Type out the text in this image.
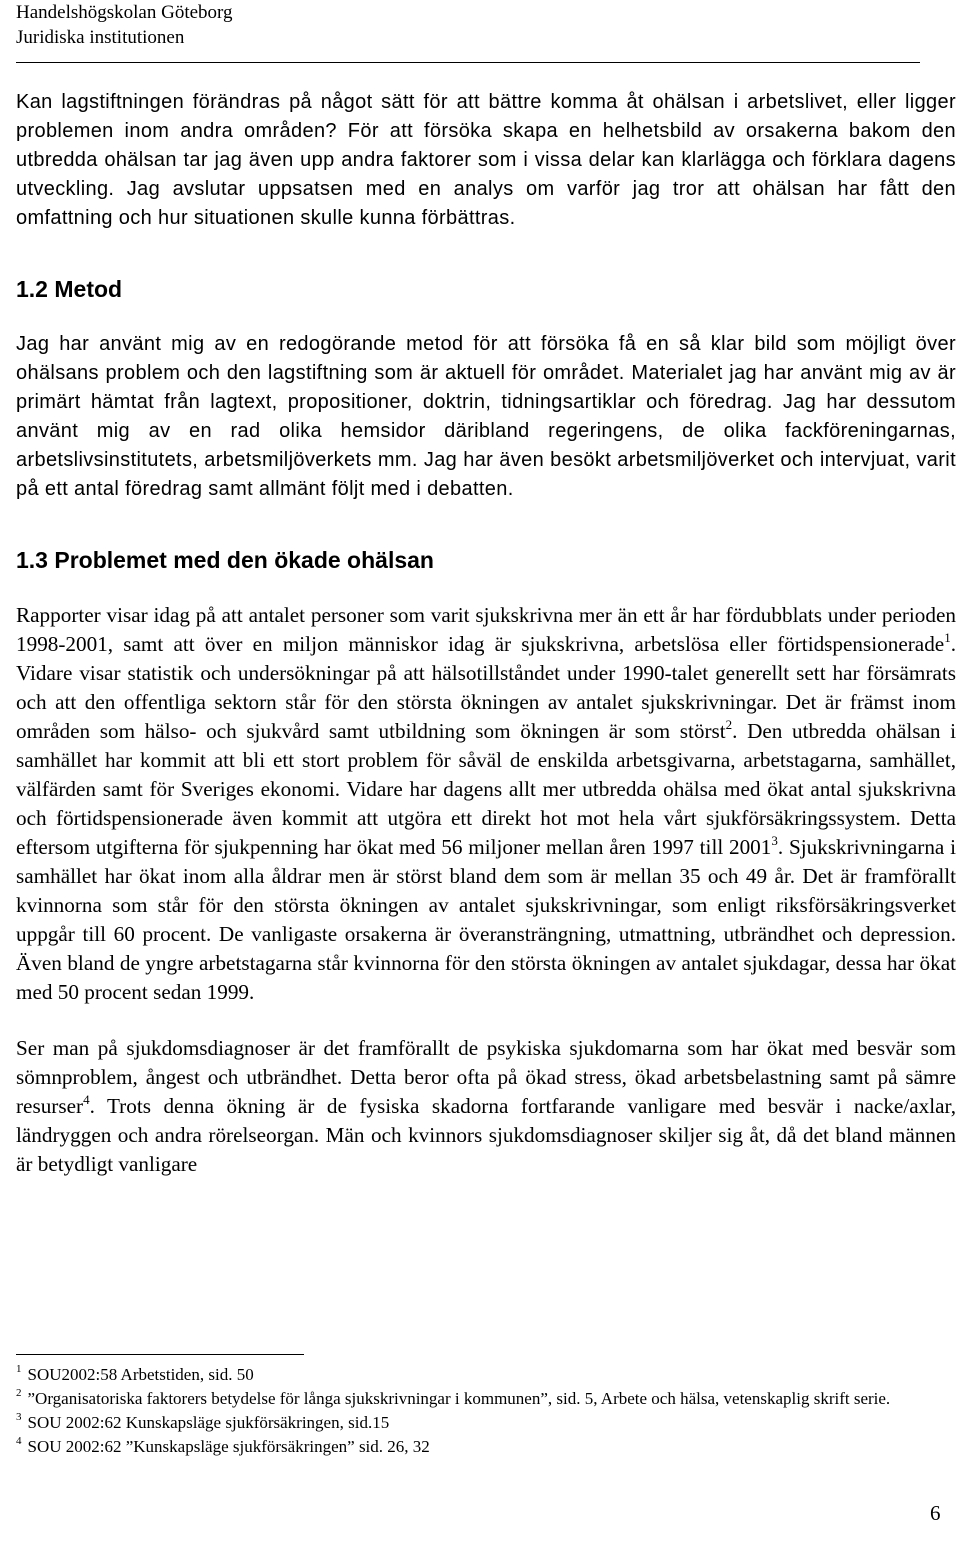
Handelshögskolan Göteborg
Juridiska institutionen

Kan lagstiftningen förändras på något sätt för att bättre komma åt ohälsan i arbetslivet, eller ligger problemen inom andra områden? För att försöka skapa en helhetsbild av orsakerna bakom den utbredda ohälsan tar jag även upp andra faktorer som i vissa delar kan klarlägga och förklara dagens utveckling. Jag avslutar uppsatsen med en analys om varför jag tror att ohälsan har fått den omfattning och hur situationen skulle kunna förbättras.

1.2 Metod

Jag har använt mig av en redogörande metod för att försöka få en så klar bild som möjligt över ohälsans problem och den lagstiftning som är aktuell för området. Materialet jag har använt mig av är primärt hämtat från lagtext, propositioner, doktrin, tidningsartiklar och föredrag. Jag har dessutom använt mig av en rad olika hemsidor däribland regeringens, de olika fackföreningarnas, arbetslivsinstitutets, arbetsmiljöverkets mm. Jag har även besökt arbetsmiljöverket och intervjuat, varit på ett antal föredrag samt allmänt följt med i debatten.

1.3 Problemet med den ökade ohälsan

Rapporter visar idag på att antalet personer som varit sjukskrivna mer än ett år har fördubblats under perioden 1998-2001, samt att över en miljon människor idag är sjukskrivna, arbetslösa eller förtidspensionerade$^1$. Vidare visar statistik och undersökningar på att hälsotillståndet under 1990-talet generellt sett har försämrats och att den offentliga sektorn står för den största ökningen av antalet sjukskrivningar. Det är främst inom områden som hälso- och sjukvård samt utbildning som ökningen är som störst$^2$. Den utbredda ohälsan i samhället har kommit att bli ett stort problem för såväl de enskilda arbetsgivarna, arbetstagarna, samhället, välfärden samt för Sveriges ekonomi. Vidare har dagens allt mer utbredda ohälsa med ökat antal sjukskrivna och förtidspensionerade även kommit att utgöra ett direkt hot mot hela vårt sjukförsäkringssystem. Detta eftersom utgifterna för sjukpenning har ökat med 56 miljoner mellan åren 1997 till 2001$^3$. Sjukskrivningarna i samhället har ökat inom alla åldrar men är störst bland dem som är mellan 35 och 49 år. Det är framförallt kvinnorna som står för den största ökningen av antalet sjukskrivningar, som enligt riksförsäkringsverket uppgår till 60 procent. De vanligaste orsakerna är överansträngning, utmattning, utbrändhet och depression. Även bland de yngre arbetstagarna står kvinnorna för den största ökningen av antalet sjukdagar, dessa har ökat med 50 procent sedan 1999.

Ser man på sjukdomsdiagnoser är det framförallt de psykiska sjukdomarna som har ökat med besvär som sömnproblem, ångest och utbrändhet. Detta beror ofta på ökad stress, ökad arbetsbelastning samt på sämre resurser$^4$. Trots denna ökning är de fysiska skadorna fortfarande vanligare med besvär i nacke/axlar, ländryggen och andra rörelseorgan. Män och kvinnors sjukdomsdiagnoser skiljer sig åt, då det bland männen är betydligt vanligare

$^1$ SOU2002:58 Arbetstiden, sid. 50
$^2$ ”Organisatoriska faktorers betydelse för långa sjukskrivningar i kommunen”, sid. 5, Arbete och hälsa, vetenskaplig skrift serie.
$^3$ SOU 2002:62 Kunskapsläge sjukförsäkringen, sid.15
$^4$ SOU 2002:62 ”Kunskapsläge sjukförsäkringen” sid. 26, 32
6
